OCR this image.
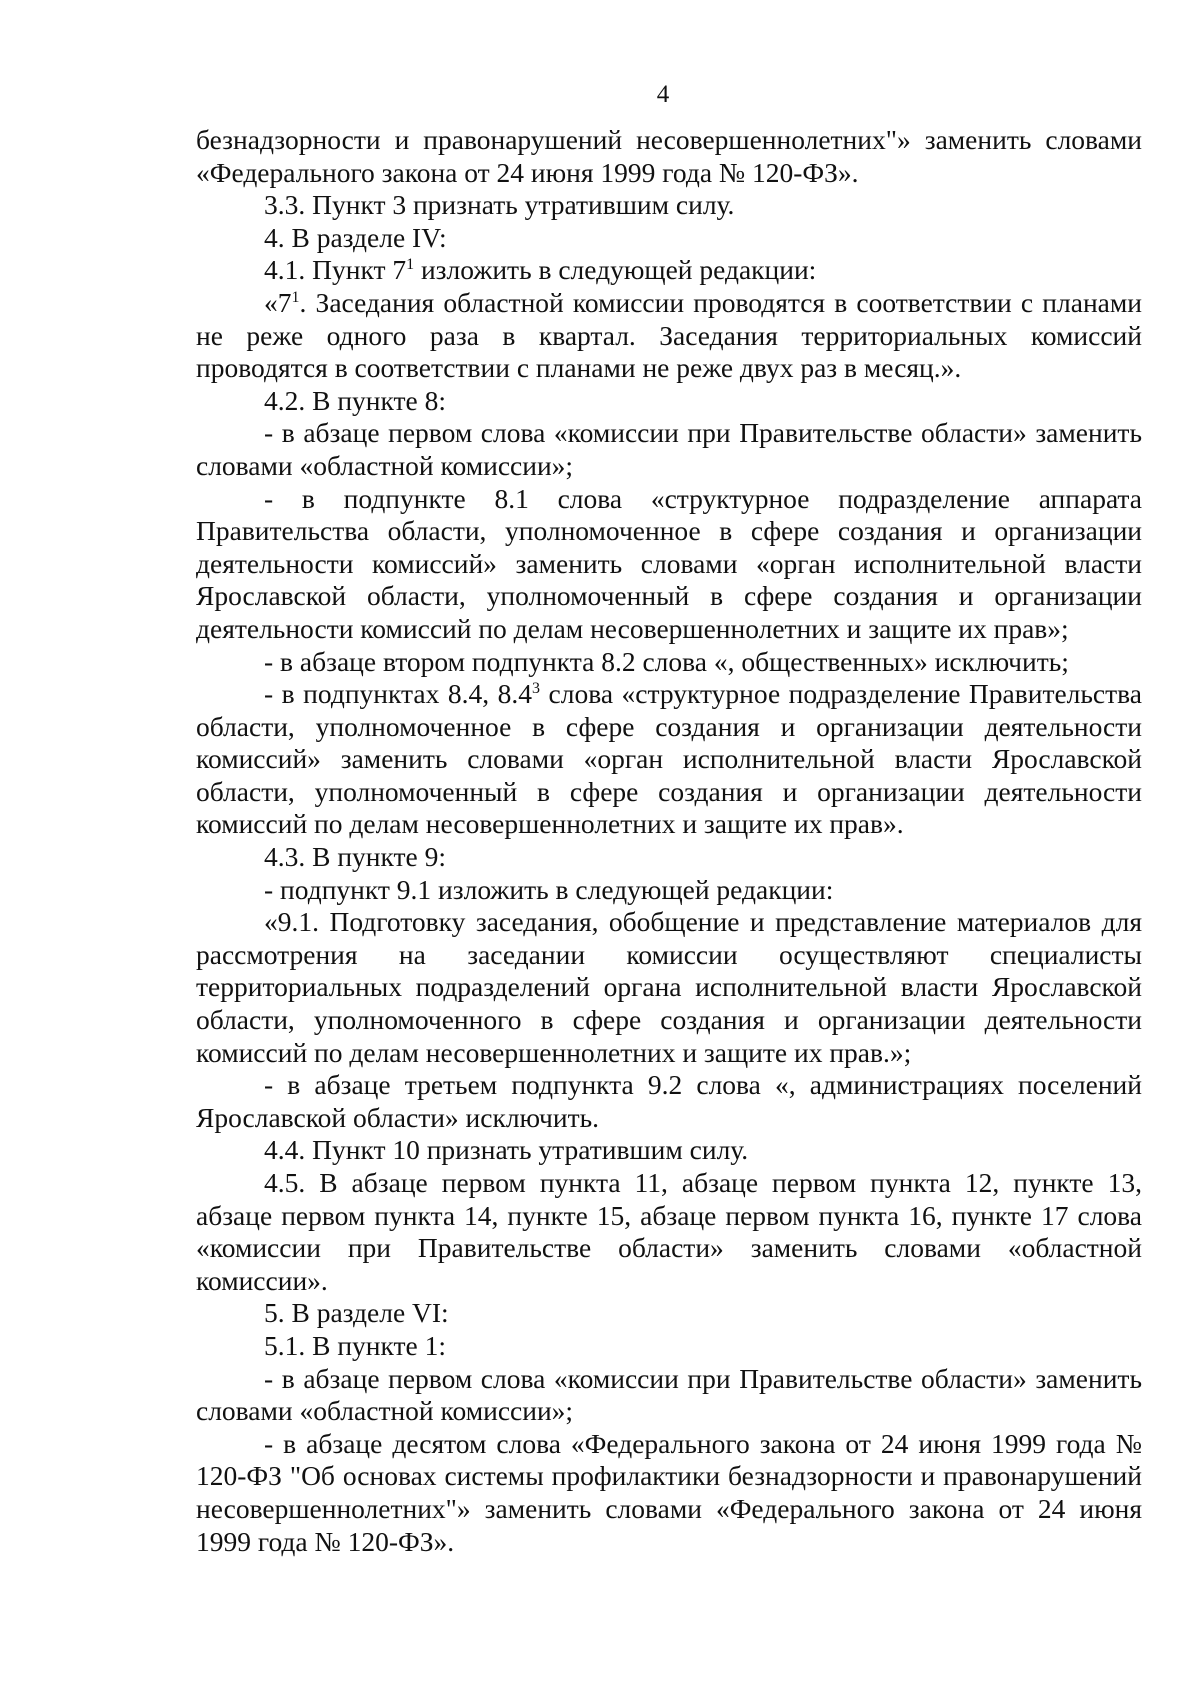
4

безнадзорности и правонарушений несовершеннолетних"» заменить словами «Федерального закона от 24 июня 1999 года № 120-ФЗ».

3.3. Пункт 3 признать утратившим силу.

4. В разделе IV:

4.1. Пункт $7^1$ изложить в следующей редакции:

«$7^1$. Заседания областной комиссии проводятся в соответствии с планами не реже одного раза в квартал. Заседания территориальных комиссий проводятся в соответствии с планами не реже двух раз в месяц.».

4.2. В пункте 8:

- в абзаце первом слова «комиссии при Правительстве области» заменить словами «областной комиссии»;

- в подпункте 8.1 слова «структурное подразделение аппарата Правительства области, уполномоченное в сфере создания и организации деятельности комиссий» заменить словами «орган исполнительной власти Ярославской области, уполномоченный в сфере создания и организации деятельности комиссий по делам несовершеннолетних и защите их прав»;

- в абзаце втором подпункта 8.2 слова «, общественных» исключить;

- в подпунктах 8.4, $8.4^3$ слова «структурное подразделение Правительства области, уполномоченное в сфере создания и организации деятельности комиссий» заменить словами «орган исполнительной власти Ярославской области, уполномоченный в сфере создания и организации деятельности комиссий по делам несовершеннолетних и защите их прав».

4.3. В пункте 9:

- подпункт 9.1 изложить в следующей редакции:

«9.1. Подготовку заседания, обобщение и представление материалов для рассмотрения на заседании комиссии осуществляют специалисты территориальных подразделений органа исполнительной власти Ярославской области, уполномоченного в сфере создания и организации деятельности комиссий по делам несовершеннолетних и защите их прав.»;

- в абзаце третьем подпункта 9.2 слова «, администрациях поселений Ярославской области» исключить.

4.4. Пункт 10 признать утратившим силу.

4.5. В абзаце первом пункта 11, абзаце первом пункта 12, пункте 13, абзаце первом пункта 14, пункте 15, абзаце первом пункта 16, пункте 17 слова «комиссии при Правительстве области» заменить словами «областной комиссии».

5. В разделе VI:

5.1. В пункте 1:

- в абзаце первом слова «комиссии при Правительстве области» заменить словами «областной комиссии»;

- в абзаце десятом слова «Федерального закона от 24 июня 1999 года № 120-ФЗ "Об основах системы профилактики безнадзорности и правонарушений несовершеннолетних"» заменить словами «Федерального закона от 24 июня 1999 года № 120-ФЗ».
